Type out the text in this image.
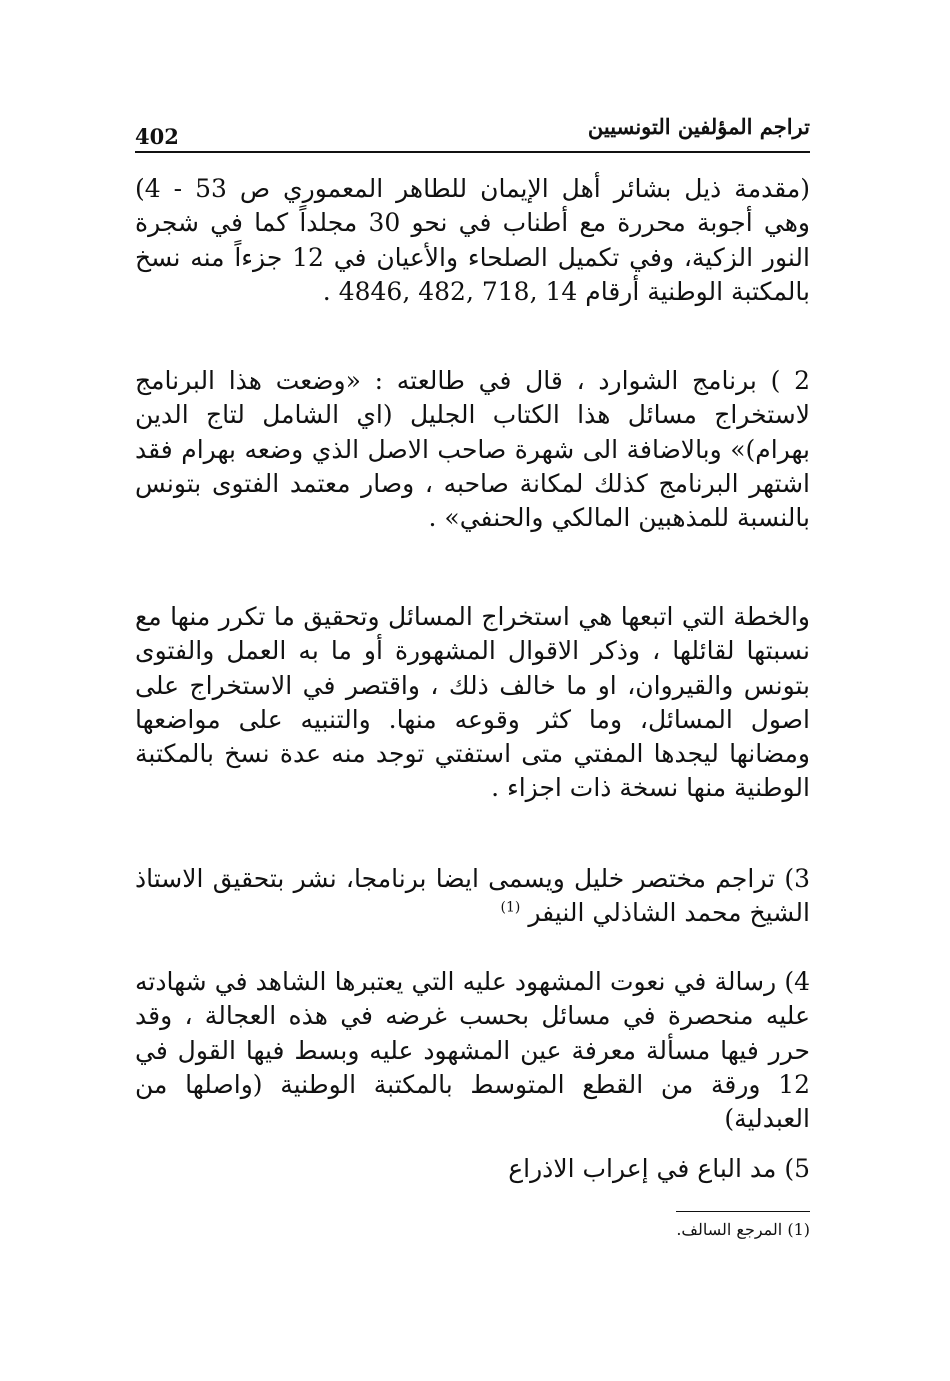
تراجم المؤلفين التونسيين
402

(مقدمة ذيل بشائر أهل الإيمان للطاهر المعموري ص 53 - 4) وهي أجوبة محررة مع أطناب في نحو 30 مجلداً كما في شجرة النور الزكية، وفي تكميل الصلحاء والأعيان في 12 جزءاً منه نسخ بالمكتبة الوطنية أرقام 14 ,718 ,482 ,4846 .

2 ) برنامج الشوارد ، قال في طالعته : «وضعت هذا البرنامج لاستخراج مسائل هذا الكتاب الجليل (اي الشامل لتاج الدين بهرام)» وبالاضافة الى شهرة صاحب الاصل الذي وضعه بهرام فقد اشتهر البرنامج كذلك لمكانة صاحبه ، وصار معتمد الفتوى بتونس بالنسبة للمذهبين المالكي والحنفي» .

والخطة التي اتبعها هي استخراج المسائل وتحقيق ما تكرر منها مع نسبتها لقائلها ، وذكر الاقوال المشهورة أو ما به العمل والفتوى بتونس والقيروان، او ما خالف ذلك ، واقتصر في الاستخراج على اصول المسائل، وما كثر وقوعه منها. والتنبيه على مواضعها ومضانها ليجدها المفتي متى استفتي توجد منه عدة نسخ بالمكتبة الوطنية منها نسخة ذات اجزاء .

3) تراجم مختصر خليل ويسمى ايضا برنامجا، نشر بتحقيق الاستاذ الشيخ محمد الشاذلي النيفر $^{(1)}$

4) رسالة في نعوت المشهود عليه التي يعتبرها الشاهد في شهادته عليه منحصرة في مسائل بحسب غرضه في هذه العجالة ، وقد حرر فيها مسألة معرفة عين المشهود عليه وبسط فيها القول في 12 ورقة من القطع المتوسط بالمكتبة الوطنية (واصلها من العبدلية)

5) مد الباع في إعراب الاذراع

(1) المرجع السالف.
